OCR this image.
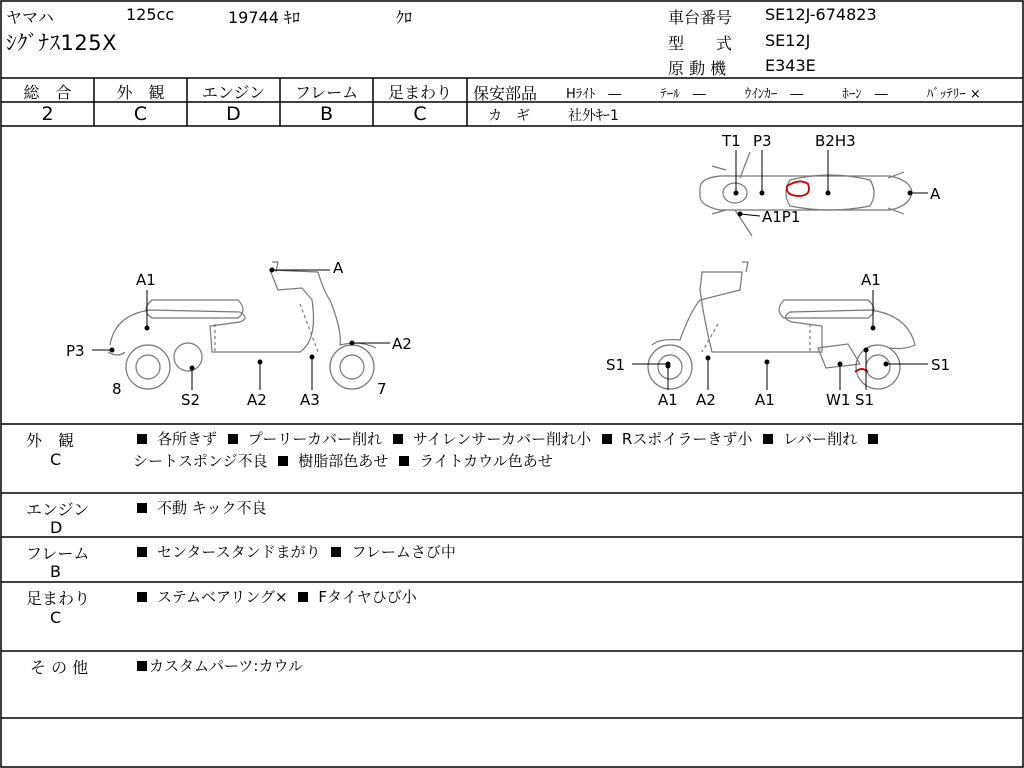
ヤマハ	125cc	19744 ｷﾛ	ｸﾛ
ｼｸﾞﾅｽ125X
車台番号 SE12J-674823
型　　式 SE12J
原 動 機 E343E
総　合	外　観	エンジン	フレーム	足まわり
2	C	D	B	C
保安部品 Hﾗｲﾄ　―　　　ﾃｰﾙ　―　　　ｳｲﾝｶｰ　―　　　ﾎｰﾝ　―　　　ﾊﾞｯﾃﾘｰ ×
カ　ギ	社外ｷｰ1
T1 P3	B2H3
A
A1P1
A
A1
A2
P3
8
S2	A2 A3
7
A1
S1	S1
A1 A2	A1	W1 S1
外　観
C
各所きず プーリーカバー削れ サイレンサーカバー削れ小 Rスポイラーきず小 レバー削れ
シートスポンジ不良 樹脂部色あせ ライトカウル色あせ
エンジン
D
不動 キック不良
フレーム
B
センタースタンドまがり フレームさび中
足まわり
C
ステムベアリング× Fタイヤひび小
そ の 他	カスタムパーツ:カウル
